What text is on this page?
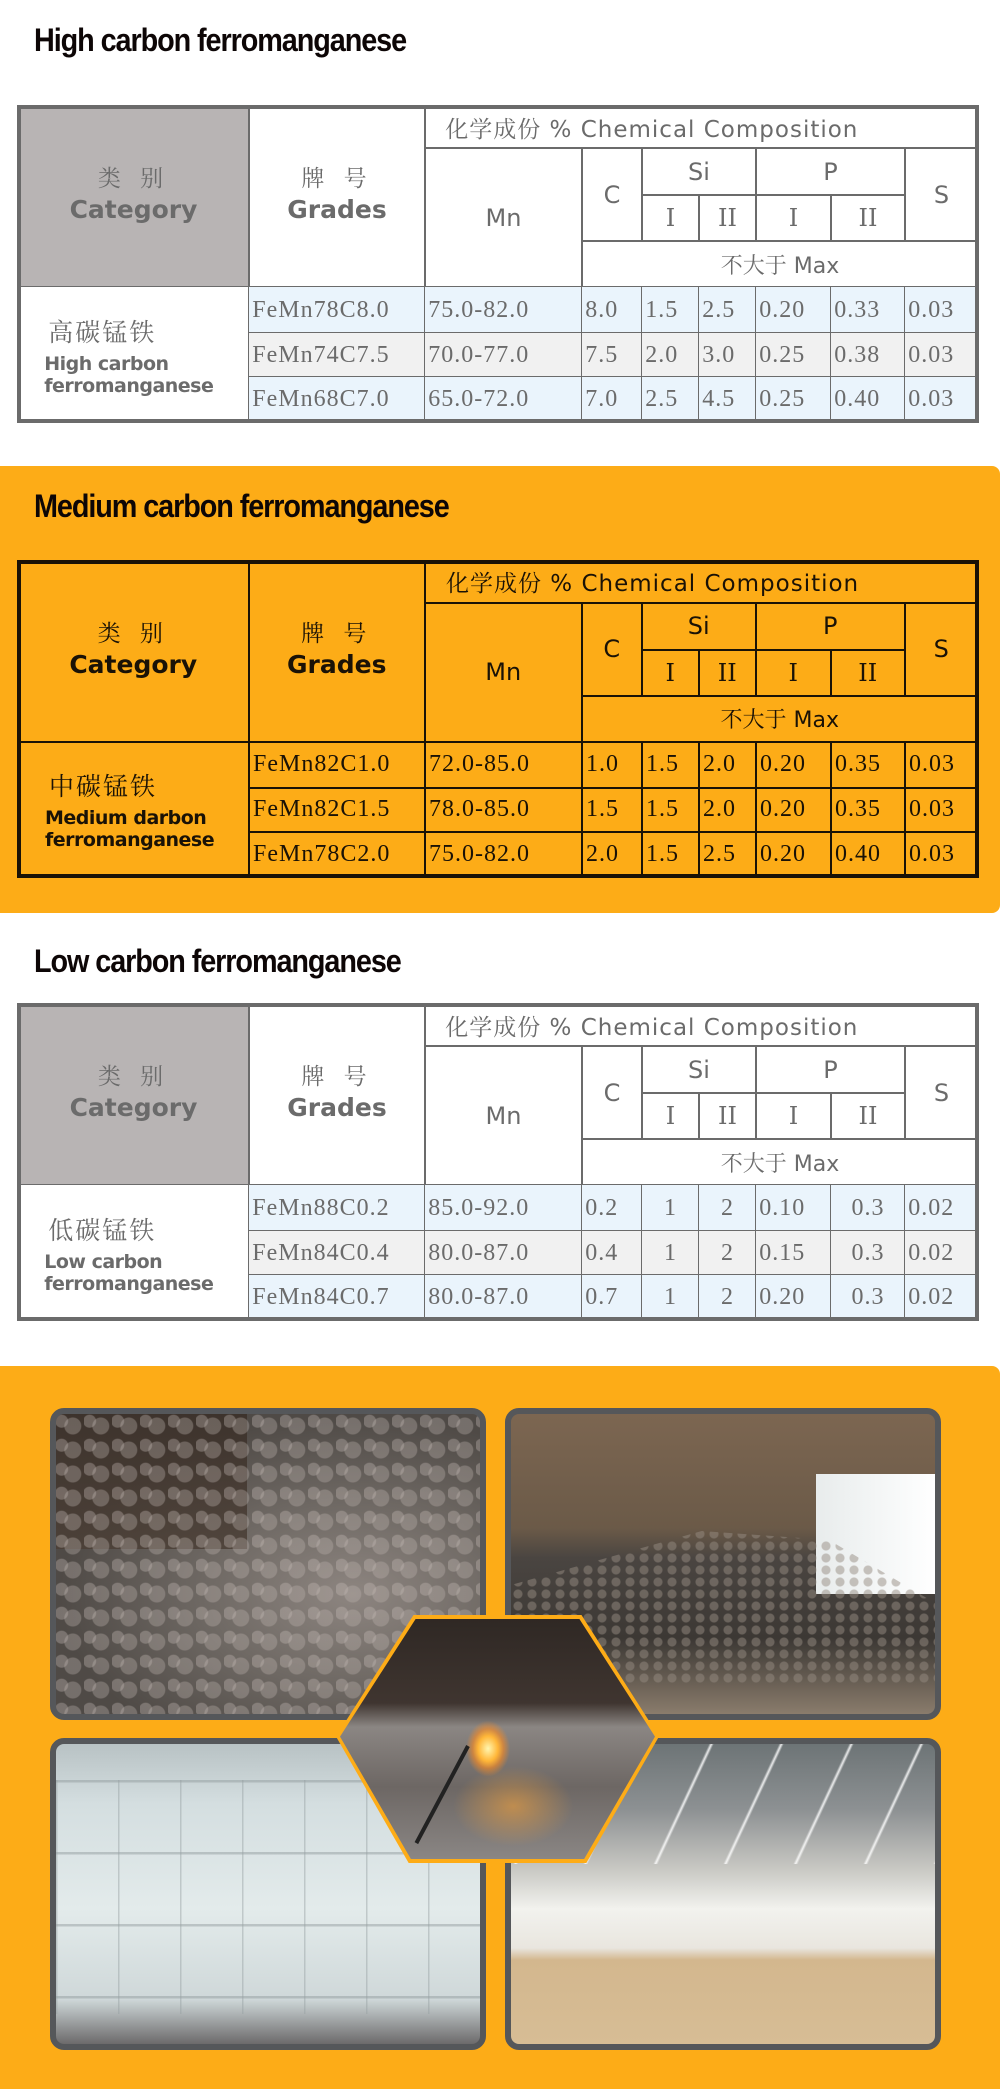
High carbon ferromanganese
类 别
Category
牌 号
Grades
化学成份 % Chemical Composition
Mn
C
Si	P
S
I	II	I	II
不大于 Max
高碳锰铁
High carbon
ferromanganese
FeMn78C8.0	75.0-82.0	8.0	1.5	2.5	0.20	0.33	0.03
FeMn74C7.5	70.0-77.0	7.5	2.0	3.0	0.25	0.38	0.03
FeMn68C7.0	65.0-72.0	7.0	2.5	4.5	0.25	0.40	0.03
Medium carbon ferromanganese
类 别
Category
牌 号
Grades
化学成份 % Chemical Composition
Mn
C
Si	P
S
I	II	I	II
不大于 Max
中碳锰铁
Medium darbon
ferromanganese
FeMn82C1.0	72.0-85.0	1.0	1.5	2.0	0.20	0.35	0.03
FeMn82C1.5	78.0-85.0	1.5	1.5	2.0	0.20	0.35	0.03
FeMn78C2.0	75.0-82.0	2.0	1.5	2.5	0.20	0.40	0.03
Low carbon ferromanganese
类 别
Category
牌 号
Grades
化学成份 % Chemical Composition
Mn
C
Si	P
S
I	II	I	II
不大于 Max
低碳锰铁
Low carbon
ferromanganese
FeMn88C0.2	85.0-92.0	0.2	1	2	0.10	0.3 0.02
FeMn84C0.4	80.0-87.0	0.4	1	2	0.15	0.3 0.02
FeMn84C0.7	80.0-87.0	0.7	1	2	0.20	0.3 0.02
